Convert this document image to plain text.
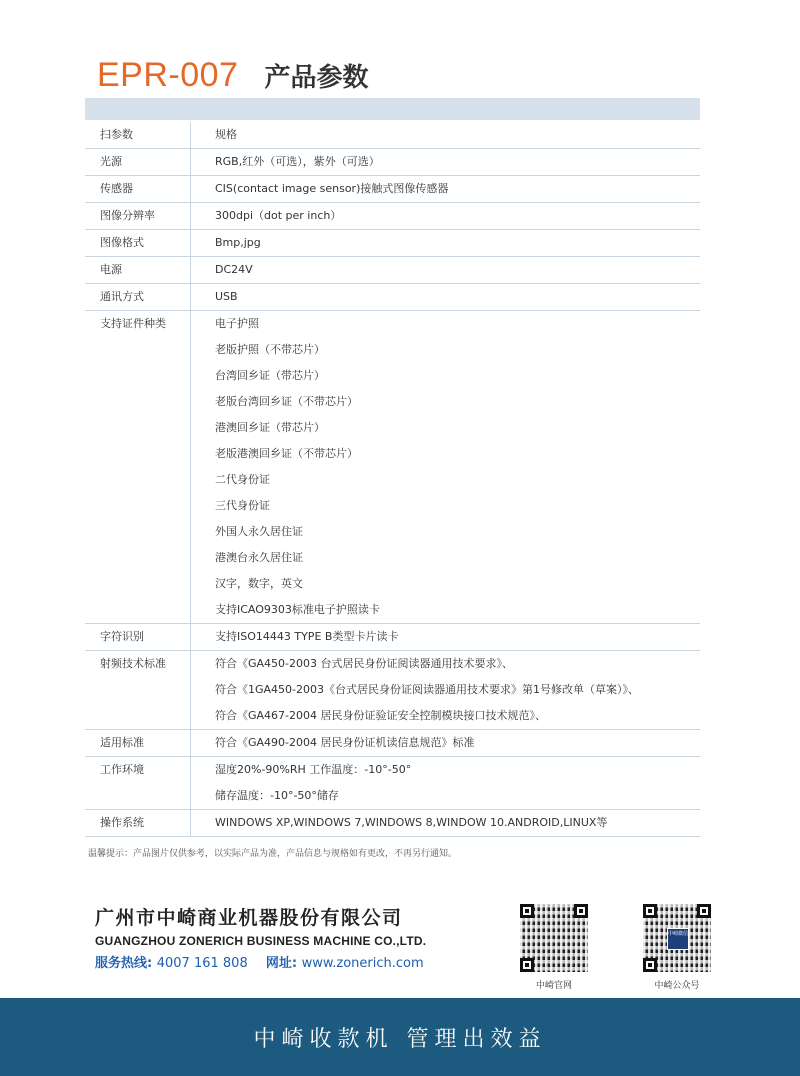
EPR-007 产品参数
扫参数	规格
光源	RGB,红外（可选），紫外（可选）
传感器	CIS(contact image sensor)接触式图像传感器
图像分辨率	300dpi（dot per inch）
图像格式	Bmp,jpg
电源	DC24V
通讯方式	USB
支持证件种类	电子护照
老版护照（不带芯片）
台湾回乡证（带芯片）
老版台湾回乡证（不带芯片）
港澳回乡证（带芯片）
老版港澳回乡证（不带芯片）
二代身份证
三代身份证
外国人永久居住证
港澳台永久居住证
汉字，数字，英文
支持ICAO9303标准电子护照读卡
字符识别	支持ISO14443 TYPE B类型卡片读卡
射频技术标准	符合《GA450-2003 台式居民身份证阅读器通用技术要求》、
符合《1GA450-2003《台式居民身份证阅读器通用技术要求》第1号修改单（草案）》、
符合《GA467-2004 居民身份证验证安全控制模块接口技术规范》、
适用标准	符合《GA490-2004 居民身份证机读信息规范》标准
工作环境	湿度20%-90%RH 工作温度：-10°-50°
储存温度：-10°-50°储存
操作系统	WINDOWS XP,WINDOWS 7,WINDOWS 8,WINDOW 10.ANDROID,LINUX等
温馨提示：产品图片仅供参考，以实际产品为准，产品信息与规格如有更改，不再另行通知。
广州市中崎商业机器股份有限公司
GUANGZHOU ZONERICH BUSINESS MACHINE CO.,LTD.
服务热线: 4007 161 808 网址: www.zonerich.com
中崎官网
中崎微信
中崎公众号
中崎收款机 管理出效益
